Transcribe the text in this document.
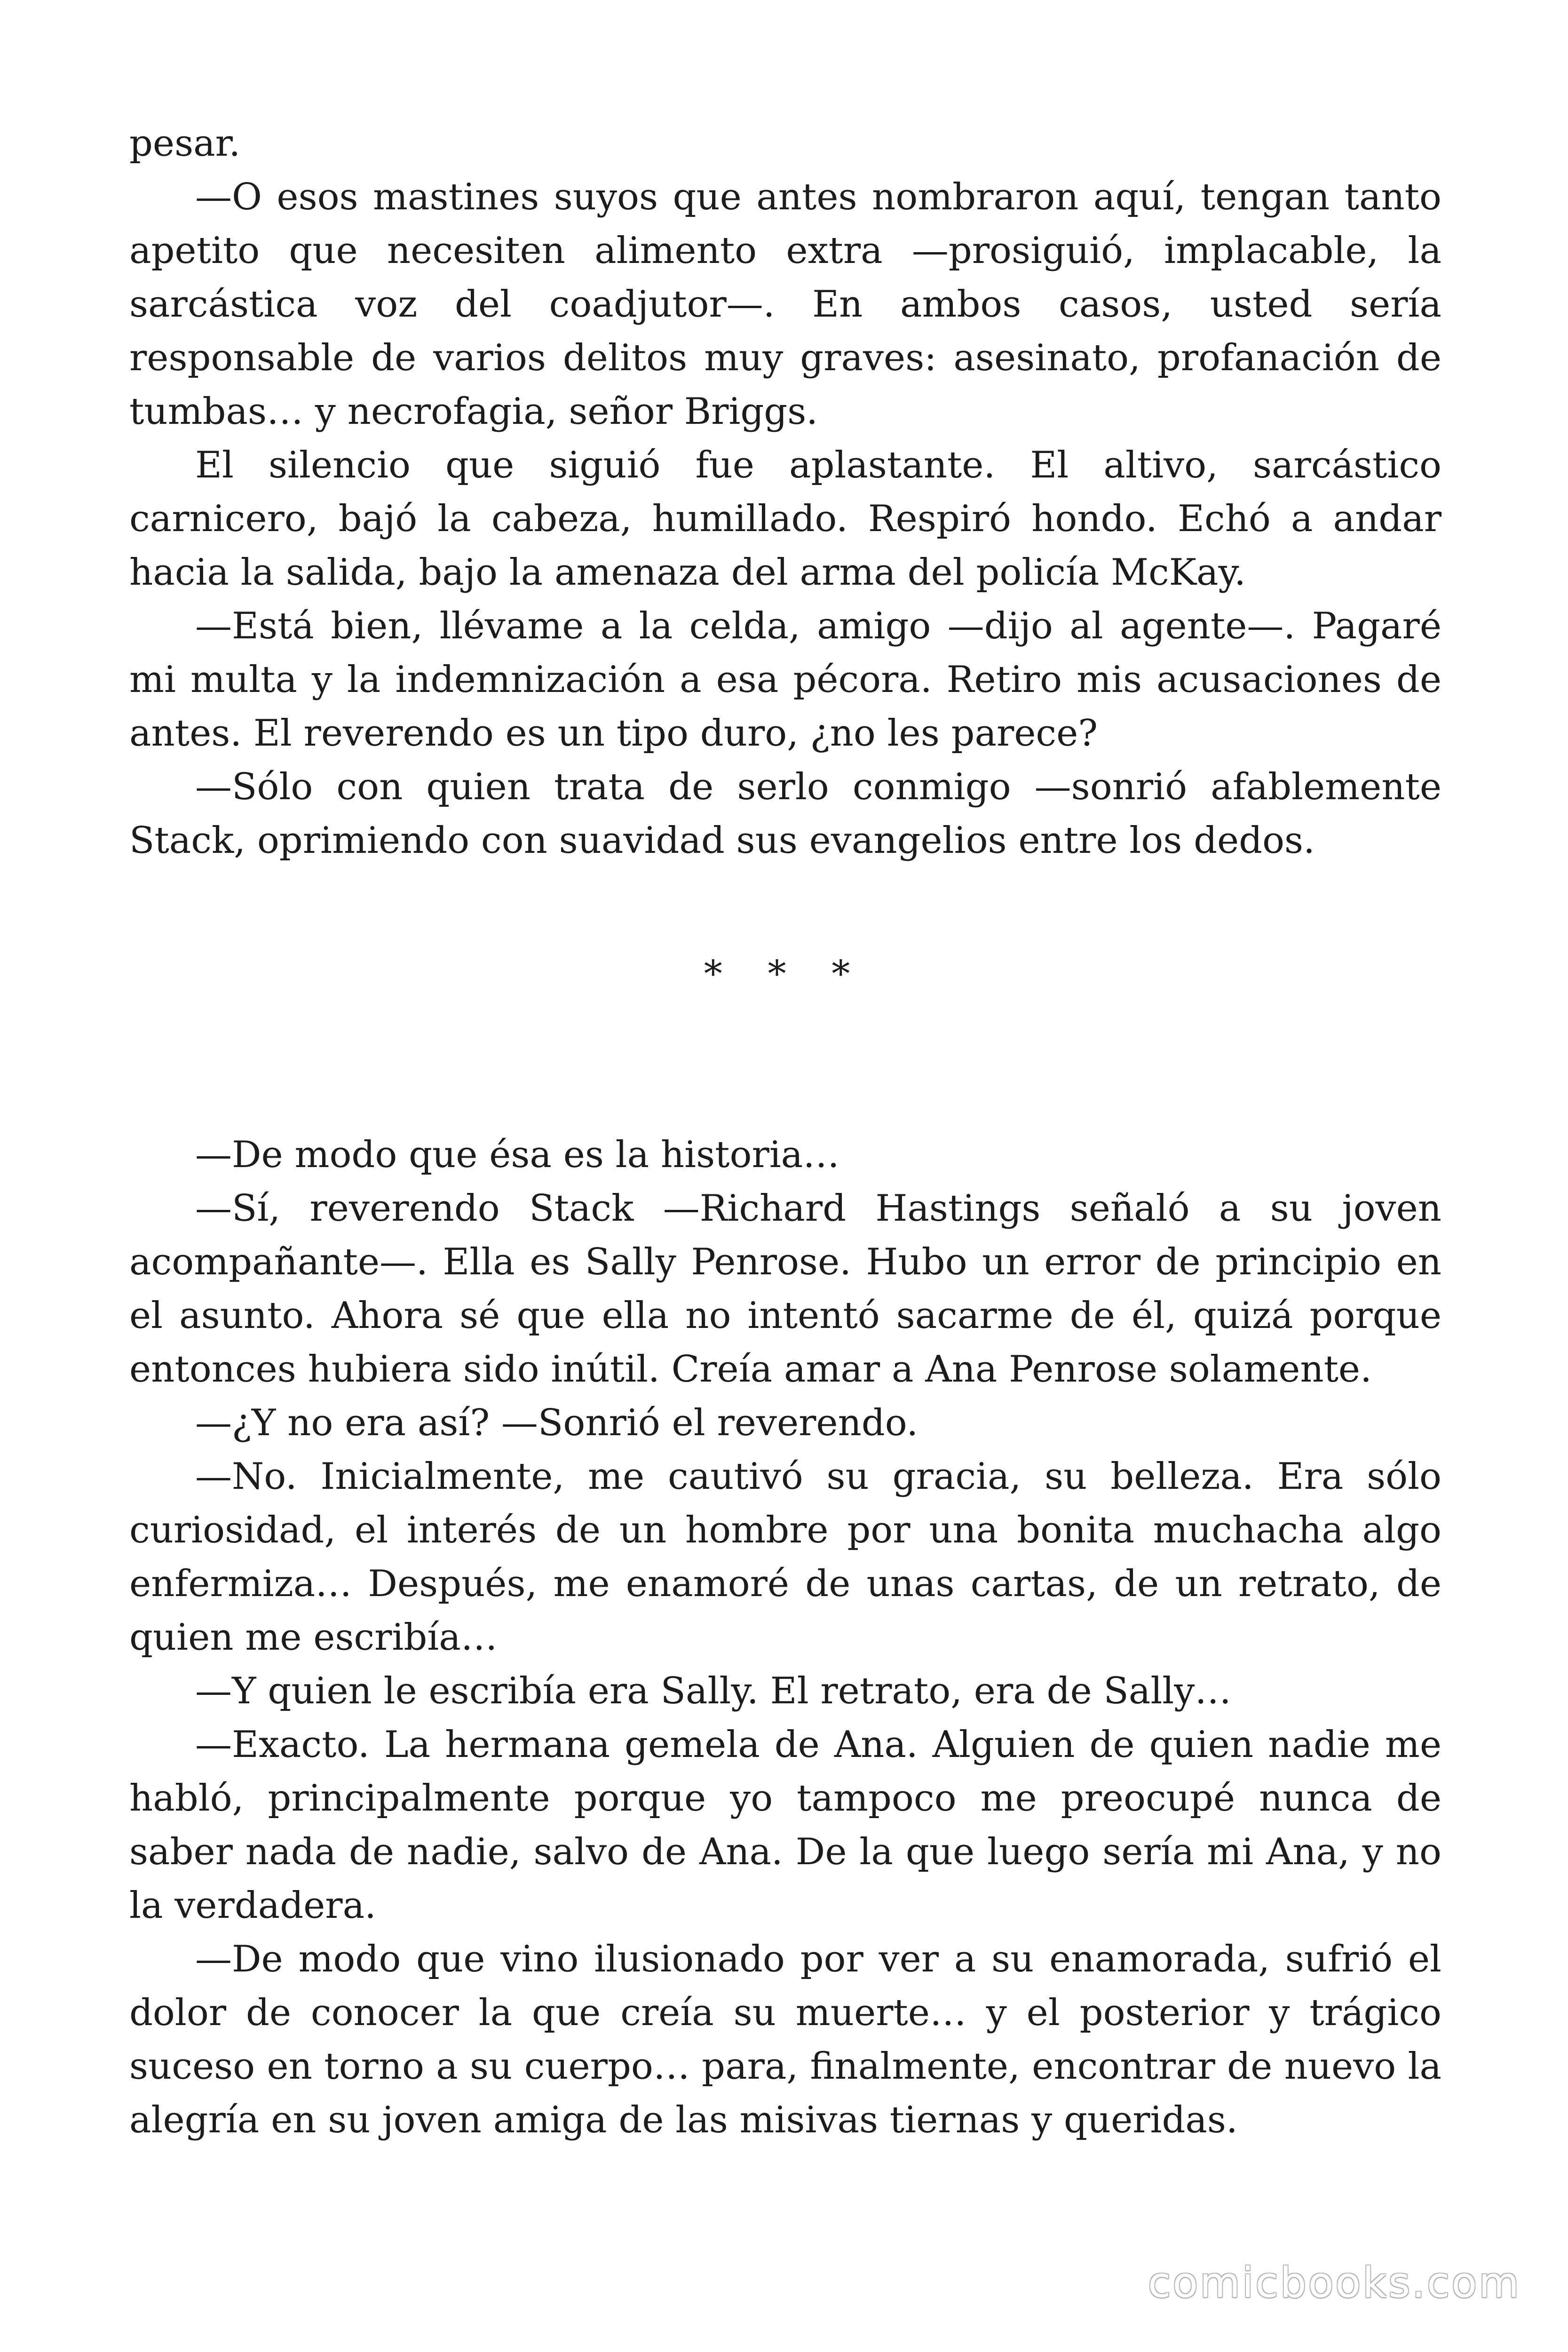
pesar.

—O esos mastines suyos que antes nombraron aquí, tengan tanto apetito que necesiten alimento extra —prosiguió, implacable, la sarcástica voz del coadjutor—. En ambos casos, usted sería responsable de varios delitos muy graves: asesinato, profanación de tumbas… y necrofagia, señor Briggs.

El silencio que siguió fue aplastante. El altivo, sarcástico carnicero, bajó la cabeza, humillado. Respiró hondo. Echó a andar hacia la salida, bajo la amenaza del arma del policía McKay.

—Está bien, llévame a la celda, amigo —dijo al agente—. Pagaré mi multa y la indemnización a esa pécora. Retiro mis acusaciones de antes. El reverendo es un tipo duro, ¿no les parece?

—Sólo con quien trata de serlo conmigo —sonrió afablemente Stack, oprimiendo con suavidad sus evangelios entre los dedos.

* * *

—De modo que ésa es la historia…

—Sí, reverendo Stack —Richard Hastings señaló a su joven acompañante—. Ella es Sally Penrose. Hubo un error de principio en el asunto. Ahora sé que ella no intentó sacarme de él, quizá porque entonces hubiera sido inútil. Creía amar a Ana Penrose solamente.

—¿Y no era así? —Sonrió el reverendo.

—No. Inicialmente, me cautivó su gracia, su belleza. Era sólo curiosidad, el interés de un hombre por una bonita muchacha algo enfermiza… Después, me enamoré de unas cartas, de un retrato, de quien me escribía…

—Y quien le escribía era Sally. El retrato, era de Sally…

—Exacto. La hermana gemela de Ana. Alguien de quien nadie me habló, principalmente porque yo tampoco me preocupé nunca de saber nada de nadie, salvo de Ana. De la que luego sería mi Ana, y no la verdadera.

—De modo que vino ilusionado por ver a su enamorada, sufrió el dolor de conocer la que creía su muerte… y el posterior y trágico suceso en torno a su cuerpo… para, finalmente, encontrar de nuevo la alegría en su joven amiga de las misivas tiernas y queridas.

comicbooks.com
